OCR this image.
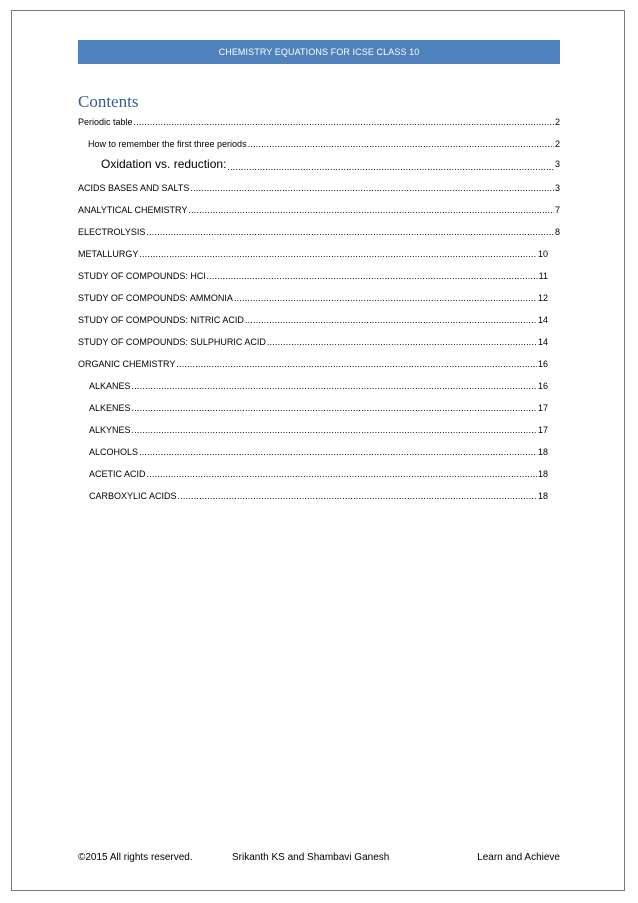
CHEMISTRY EQUATIONS FOR ICSE CLASS 10
Contents
Periodic table .....	2
How to remember the first three periods .....	2
Oxidation vs. reduction: .....	3
ACIDS BASES AND SALTS .....	3
ANALYTICAL CHEMISTRY .....	7
ELECTROLYSIS .....	8
METALLURGY .....	10
STUDY OF COMPOUNDS: HCl .....	11
STUDY OF COMPOUNDS: AMMONIA .....	12
STUDY OF COMPOUNDS: NITRIC ACID .....	14
STUDY OF COMPOUNDS: SULPHURIC ACID .....	14
ORGANIC CHEMISTRY .....	16
ALKANES .....	16
ALKENES .....	17
ALKYNES .....	17
ALCOHOLS .....	18
ACETIC ACID .....	18
CARBOXYLIC ACIDS .....	18
©2015 All rights reserved.	Srikanth KS and Shambavi Ganesh	Learn and Achieve
